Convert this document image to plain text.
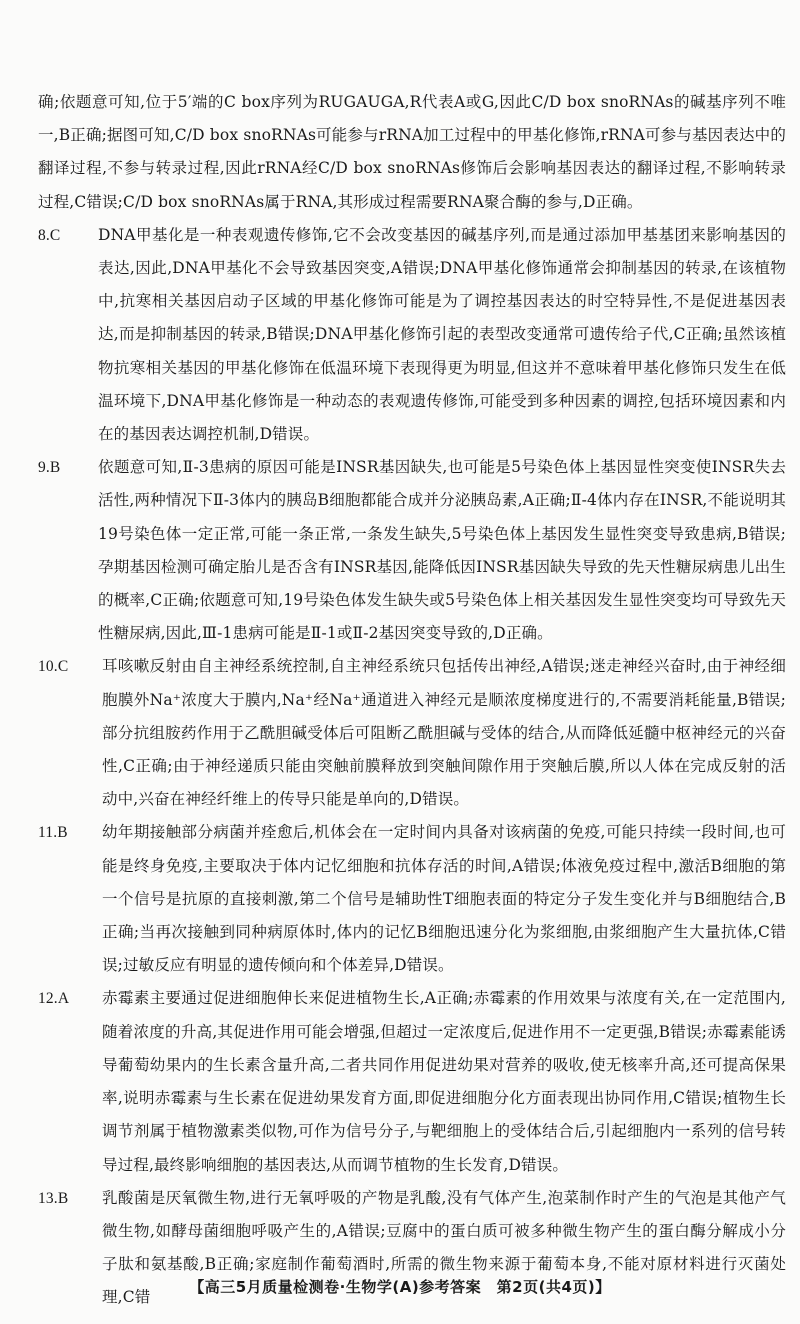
确;依题意可知,位于5′端的C box序列为RUGAUGA,R代表A或G,因此C/D box snoRNAs的碱基序列不唯一,B正确;据图可知,C/D box snoRNAs可能参与rRNA加工过程中的甲基化修饰,rRNA可参与基因表达中的翻译过程,不参与转录过程,因此rRNA经C/D box snoRNAs修饰后会影响基因表达的翻译过程,不影响转录过程,C错误;C/D box snoRNAs属于RNA,其形成过程需要RNA聚合酶的参与,D正确。

8.C	DNA甲基化是一种表观遗传修饰,它不会改变基因的碱基序列,而是通过添加甲基基团来影响基因的表达,因此,DNA甲基化不会导致基因突变,A错误;DNA甲基化修饰通常会抑制基因的转录,在该植物中,抗寒相关基因启动子区域的甲基化修饰可能是为了调控基因表达的时空特异性,不是促进基因表达,而是抑制基因的转录,B错误;DNA甲基化修饰引起的表型改变通常可遗传给子代,C正确;虽然该植物抗寒相关基因的甲基化修饰在低温环境下表现得更为明显,但这并不意味着甲基化修饰只发生在低温环境下,DNA甲基化修饰是一种动态的表观遗传修饰,可能受到多种因素的调控,包括环境因素和内在的基因表达调控机制,D错误。
9.B	依题意可知,Ⅱ-3患病的原因可能是INSR基因缺失,也可能是5号染色体上基因显性突变使INSR失去活性,两种情况下Ⅱ-3体内的胰岛B细胞都能合成并分泌胰岛素,A正确;Ⅱ-4体内存在INSR,不能说明其19号染色体一定正常,可能一条正常,一条发生缺失,5号染色体上基因发生显性突变导致患病,B错误;孕期基因检测可确定胎儿是否含有INSR基因,能降低因INSR基因缺失导致的先天性糖尿病患儿出生的概率,C正确;依题意可知,19号染色体发生缺失或5号染色体上相关基因发生显性突变均可导致先天性糖尿病,因此,Ⅲ-1患病可能是Ⅱ-1或Ⅱ-2基因突变导致的,D正确。
10.C	耳咳嗽反射由自主神经系统控制,自主神经系统只包括传出神经,A错误;迷走神经兴奋时,由于神经细胞膜外Na⁺浓度大于膜内,Na⁺经Na⁺通道进入神经元是顺浓度梯度进行的,不需要消耗能量,B错误;部分抗组胺药作用于乙酰胆碱受体后可阻断乙酰胆碱与受体的结合,从而降低延髓中枢神经元的兴奋性,C正确;由于神经递质只能由突触前膜释放到突触间隙作用于突触后膜,所以人体在完成反射的活动中,兴奋在神经纤维上的传导只能是单向的,D错误。
11.B	幼年期接触部分病菌并痊愈后,机体会在一定时间内具备对该病菌的免疫,可能只持续一段时间,也可能是终身免疫,主要取决于体内记忆细胞和抗体存活的时间,A错误;体液免疫过程中,激活B细胞的第一个信号是抗原的直接刺激,第二个信号是辅助性T细胞表面的特定分子发生变化并与B细胞结合,B正确;当再次接触到同种病原体时,体内的记忆B细胞迅速分化为浆细胞,由浆细胞产生大量抗体,C错误;过敏反应有明显的遗传倾向和个体差异,D错误。
12.A	赤霉素主要通过促进细胞伸长来促进植物生长,A正确;赤霉素的作用效果与浓度有关,在一定范围内,随着浓度的升高,其促进作用可能会增强,但超过一定浓度后,促进作用不一定更强,B错误;赤霉素能诱导葡萄幼果内的生长素含量升高,二者共同作用促进幼果对营养的吸收,使无核率升高,还可提高保果率,说明赤霉素与生长素在促进幼果发育方面,即促进细胞分化方面表现出协同作用,C错误;植物生长调节剂属于植物激素类似物,可作为信号分子,与靶细胞上的受体结合后,引起细胞内一系列的信号转导过程,最终影响细胞的基因表达,从而调节植物的生长发育,D错误。
13.B	乳酸菌是厌氧微生物,进行无氧呼吸的产物是乳酸,没有气体产生,泡菜制作时产生的气泡是其他产气微生物,如酵母菌细胞呼吸产生的,A错误;豆腐中的蛋白质可被多种微生物产生的蛋白酶分解成小分子肽和氨基酸,B正确;家庭制作葡萄酒时,所需的微生物来源于葡萄本身,不能对原材料进行灭菌处理,C错
【高三5月质量检测卷·生物学(A)参考答案　第2页(共4页)】
